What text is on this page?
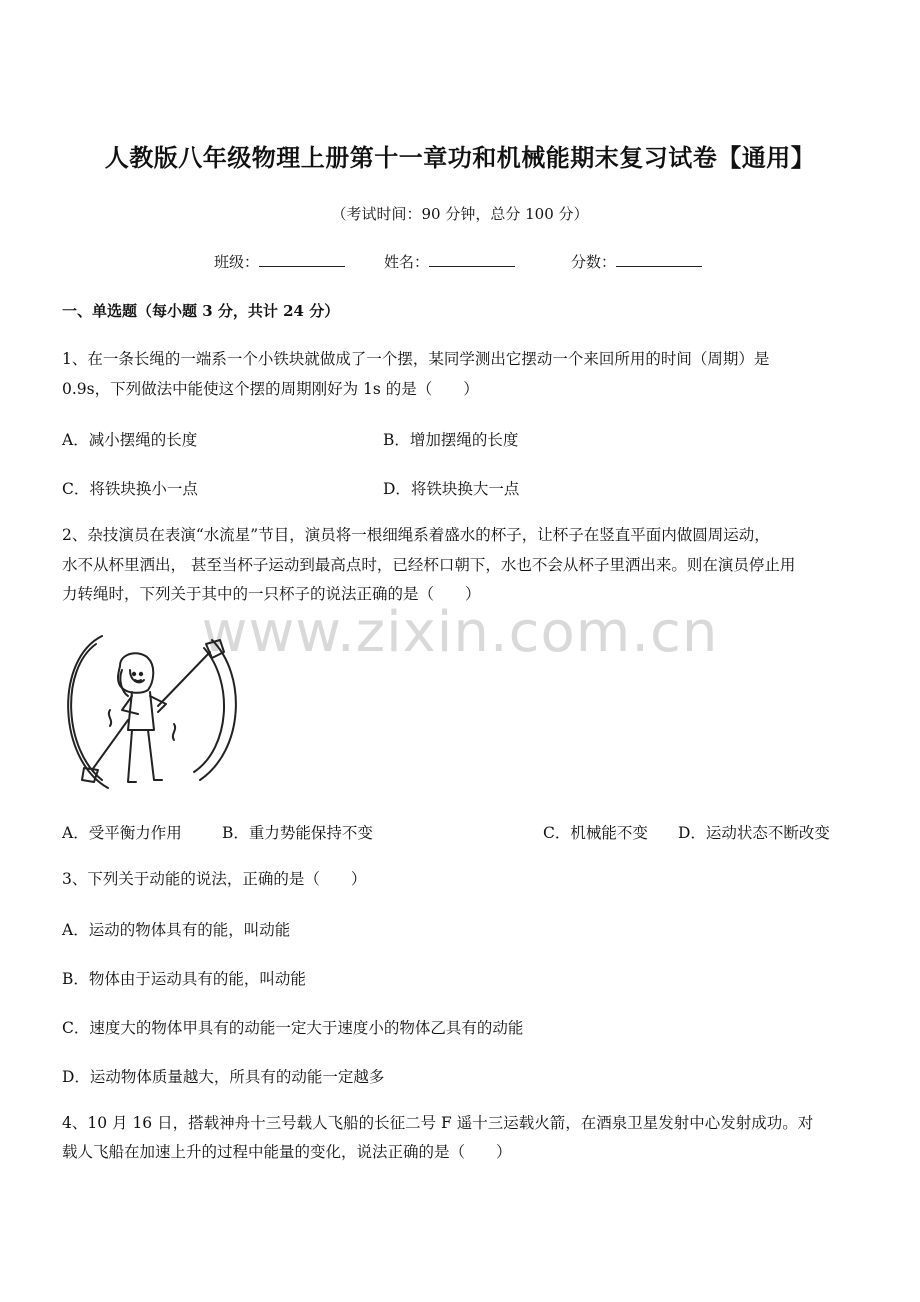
人教版八年级物理上册第十一章功和机械能期末复习试卷【通用】
（考试时间：90 分钟，总分 100 分）
班级：	姓名：	分数：
一、单选题（每小题 3 分，共计 24 分）
1、在一条长绳的一端系一个小铁块就做成了一个摆，某同学测出它摆动一个来回所用的时间（周期）是
0.9s，下列做法中能使这个摆的周期刚好为 1s 的是（　　）
A．减小摆绳的长度	B．增加摆绳的长度
C．将铁块换小一点	D．将铁块换大一点
2、杂技演员在表演“水流星”节目，演员将一根细绳系着盛水的杯子，让杯子在竖直平面内做圆周运动，
水不从杯里洒出， 甚至当杯子运动到最高点时，已经杯口朝下，水也不会从杯子里洒出来。则在演员停止用
力转绳时，下列关于其中的一只杯子的说法正确的是（　　）
www.zixin.com.cn
A．受平衡力作用	B．重力势能保持不变	C．机械能不变 D．运动状态不断改变
3、下列关于动能的说法，正确的是（　　）
A．运动的物体具有的能，叫动能
B．物体由于运动具有的能，叫动能
C．速度大的物体甲具有的动能一定大于速度小的物体乙具有的动能
D．运动物体质量越大，所具有的动能一定越多
4、10 月 16 日，搭载神舟十三号载人飞船的长征二号 F 遥十三运载火箭，在酒泉卫星发射中心发射成功。对
载人飞船在加速上升的过程中能量的变化，说法正确的是（　　）
